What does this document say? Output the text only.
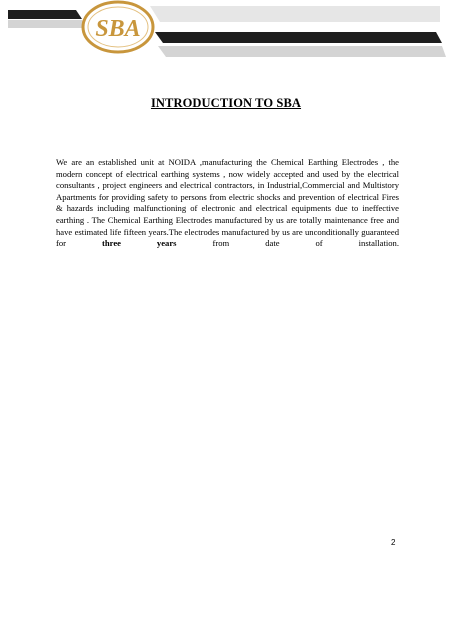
SBA
INTRODUCTION TO SBA

We are an established unit at NOIDA ,manufacturing the Chemical Earthing Electrodes , the modern concept of electrical earthing systems , now widely accepted and used by the electrical consultants , project engineers and electrical contractors, in Industrial,Commercial and Multistory Apartments for providing safety to persons from electric shocks and prevention of electrical Fires & hazards including malfunctioning of electronic and electrical equipments due to ineffective earthing . The Chemical Earthing Electrodes manufactured by us are totally maintenance free and have estimated life fifteen years.The electrodes manufactured by us are unconditionally guaranteed for three years from date of installation.

2
